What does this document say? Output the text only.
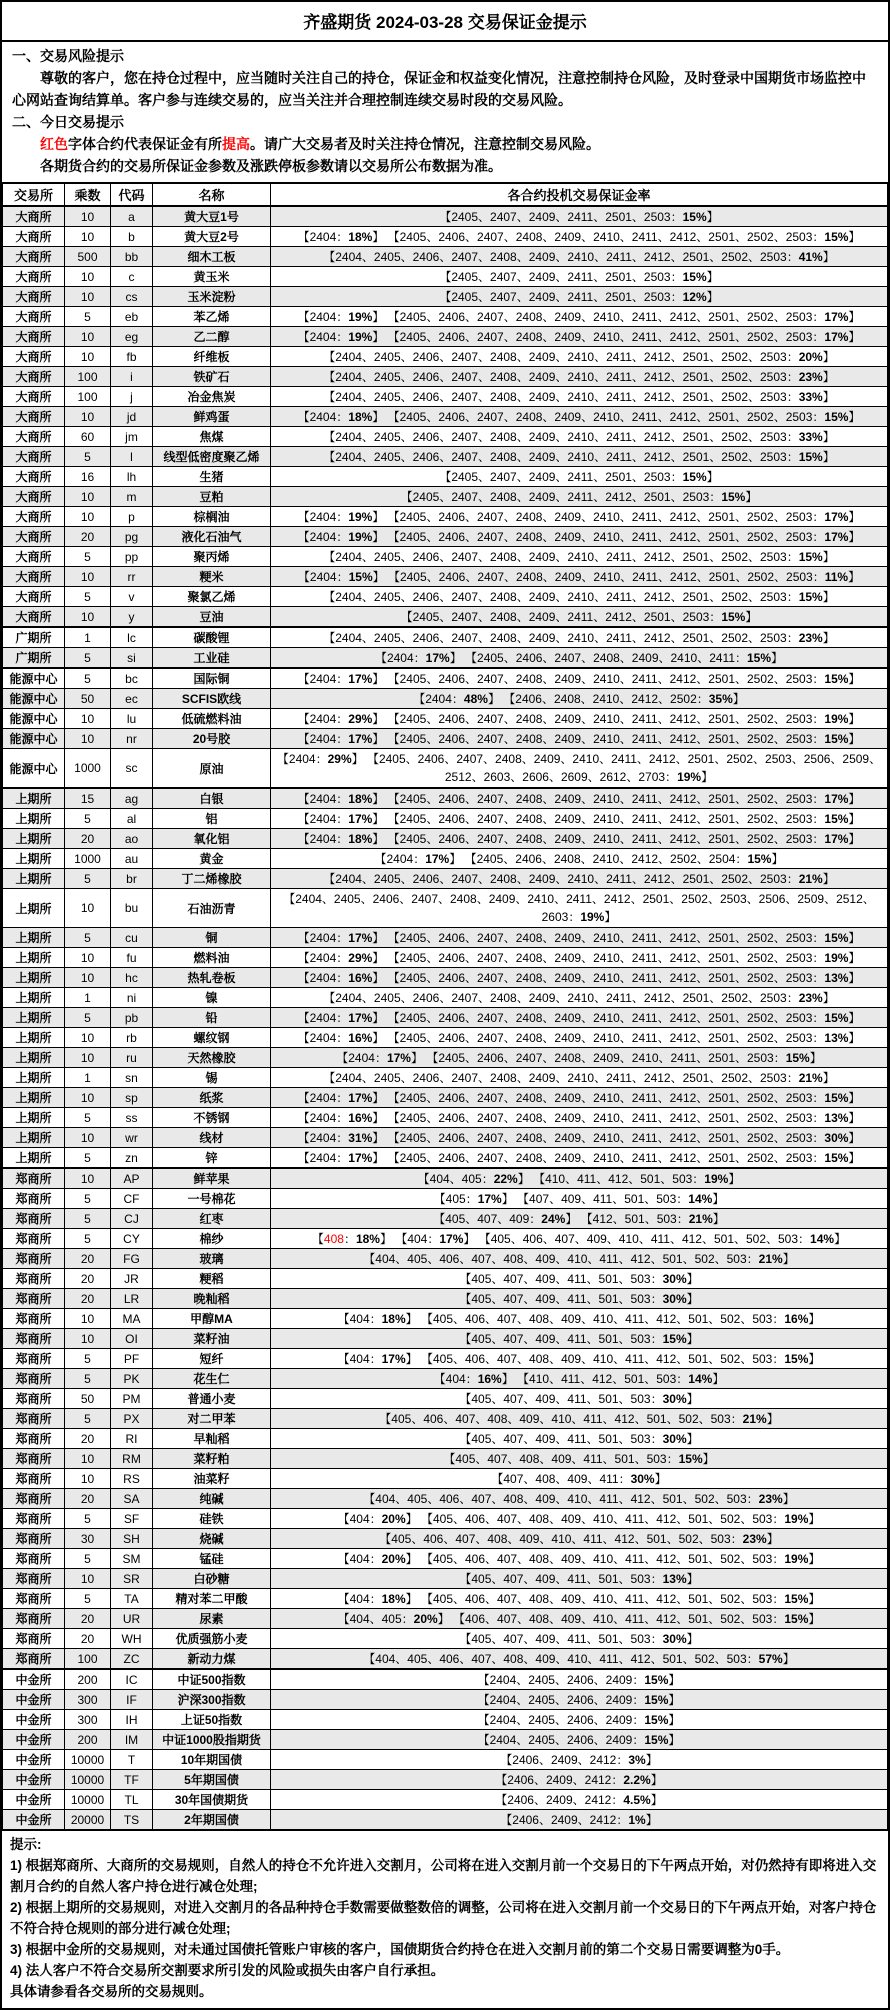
齐盛期货 2024-03-28 交易保证金提示

一、交易风险提示

尊敬的客户，您在持仓过程中，应当随时关注自己的持仓，保证金和权益变化情况，注意控制持仓风险，及时登录中国期货市场监控中心网站查询结算单。客户参与连续交易的，应当关注并合理控制连续交易时段的交易风险。

二、今日交易提示

红色字体合约代表保证金有所提高。请广大交易者及时关注持仓情况，注意控制交易风险。

各期货合约的交易所保证金参数及涨跌停板参数请以交易所公布数据为准。

交易所	乘数	代码	名称	各合约投机交易保证金率
大商所	10	a	黄大豆1号	【2405、2407、2409、2411、2501、2503：15%】
大商所	10	b	黄大豆2号	【2404：18%】 【2405、2406、2407、2408、2409、2410、2411、2412、2501、2502、2503：15%】
大商所	500	bb	细木工板	【2404、2405、2406、2407、2408、2409、2410、2411、2412、2501、2502、2503：41%】
大商所	10	c	黄玉米	【2405、2407、2409、2411、2501、2503：15%】
大商所	10	cs	玉米淀粉	【2405、2407、2409、2411、2501、2503：12%】
大商所	5	eb	苯乙烯	【2404：19%】 【2405、2406、2407、2408、2409、2410、2411、2412、2501、2502、2503：17%】
大商所	10	eg	乙二醇	【2404：19%】 【2405、2406、2407、2408、2409、2410、2411、2412、2501、2502、2503：17%】
大商所	10	fb	纤维板	【2404、2405、2406、2407、2408、2409、2410、2411、2412、2501、2502、2503：20%】
大商所	100	i	铁矿石	【2404、2405、2406、2407、2408、2409、2410、2411、2412、2501、2502、2503：23%】
大商所	100	j	冶金焦炭	【2404、2405、2406、2407、2408、2409、2410、2411、2412、2501、2502、2503：33%】
大商所	10	jd	鲜鸡蛋	【2404：18%】 【2405、2406、2407、2408、2409、2410、2411、2412、2501、2502、2503：15%】
大商所	60	jm	焦煤	【2404、2405、2406、2407、2408、2409、2410、2411、2412、2501、2502、2503：33%】
大商所	5	l	线型低密度聚乙烯	【2404、2405、2406、2407、2408、2409、2410、2411、2412、2501、2502、2503：15%】
大商所	16	lh	生猪	【2405、2407、2409、2411、2501、2503：15%】
大商所	10	m	豆粕	【2405、2407、2408、2409、2411、2412、2501、2503：15%】
大商所	10	p	棕榈油	【2404：19%】 【2405、2406、2407、2408、2409、2410、2411、2412、2501、2502、2503：17%】
大商所	20	pg	液化石油气	【2404：19%】 【2405、2406、2407、2408、2409、2410、2411、2412、2501、2502、2503：17%】
大商所	5	pp	聚丙烯	【2404、2405、2406、2407、2408、2409、2410、2411、2412、2501、2502、2503：15%】
大商所	10	rr	粳米	【2404：15%】 【2405、2406、2407、2408、2409、2410、2411、2412、2501、2502、2503：11%】
大商所	5	v	聚氯乙烯	【2404、2405、2406、2407、2408、2409、2410、2411、2412、2501、2502、2503：15%】
大商所	10	y	豆油	【2405、2407、2408、2409、2411、2412、2501、2503：15%】
广期所	1	lc	碳酸锂	【2404、2405、2406、2407、2408、2409、2410、2411、2412、2501、2502、2503：23%】
广期所	5	si	工业硅	【2404：17%】 【2405、2406、2407、2408、2409、2410、2411：15%】
能源中心	5	bc	国际铜	【2404：17%】 【2405、2406、2407、2408、2409、2410、2411、2412、2501、2502、2503：15%】
能源中心	50	ec	SCFIS欧线	【2404：48%】 【2406、2408、2410、2412、2502：35%】
能源中心	10	lu	低硫燃料油	【2404：29%】 【2405、2406、2407、2408、2409、2410、2411、2412、2501、2502、2503：19%】
能源中心	10	nr	20号胶	【2404：17%】 【2405、2406、2407、2408、2409、2410、2411、2412、2501、2502、2503：15%】
能源中心	1000	sc	原油	【2404：29%】 【2405、2406、2407、2408、2409、2410、2411、2412、2501、2502、2503、2506、2509、2512、2603、2606、2609、2612、2703：19%】
上期所	15	ag	白银	【2404：18%】 【2405、2406、2407、2408、2409、2410、2411、2412、2501、2502、2503：17%】
上期所	5	al	铝	【2404：17%】 【2405、2406、2407、2408、2409、2410、2411、2412、2501、2502、2503：15%】
上期所	20	ao	氧化铝	【2404：18%】 【2405、2406、2407、2408、2409、2410、2411、2412、2501、2502、2503：17%】
上期所	1000	au	黄金	【2404：17%】 【2405、2406、2408、2410、2412、2502、2504：15%】
上期所	5	br	丁二烯橡胶	【2404、2405、2406、2407、2408、2409、2410、2411、2412、2501、2502、2503：21%】
上期所	10	bu	石油沥青	【2404、2405、2406、2407、2408、2409、2410、2411、2412、2501、2502、2503、2506、2509、2512、2603：19%】
上期所	5	cu	铜	【2404：17%】 【2405、2406、2407、2408、2409、2410、2411、2412、2501、2502、2503：15%】
上期所	10	fu	燃料油	【2404：29%】 【2405、2406、2407、2408、2409、2410、2411、2412、2501、2502、2503：19%】
上期所	10	hc	热轧卷板	【2404：16%】 【2405、2406、2407、2408、2409、2410、2411、2412、2501、2502、2503：13%】
上期所	1	ni	镍	【2404、2405、2406、2407、2408、2409、2410、2411、2412、2501、2502、2503：23%】
上期所	5	pb	铅	【2404：17%】 【2405、2406、2407、2408、2409、2410、2411、2412、2501、2502、2503：15%】
上期所	10	rb	螺纹钢	【2404：16%】 【2405、2406、2407、2408、2409、2410、2411、2412、2501、2502、2503：13%】
上期所	10	ru	天然橡胶	【2404：17%】 【2405、2406、2407、2408、2409、2410、2411、2501、2503：15%】
上期所	1	sn	锡	【2404、2405、2406、2407、2408、2409、2410、2411、2412、2501、2502、2503：21%】
上期所	10	sp	纸浆	【2404：17%】 【2405、2406、2407、2408、2409、2410、2411、2412、2501、2502、2503：15%】
上期所	5	ss	不锈钢	【2404：16%】 【2405、2406、2407、2408、2409、2410、2411、2412、2501、2502、2503：13%】
上期所	10	wr	线材	【2404：31%】 【2405、2406、2407、2408、2409、2410、2411、2412、2501、2502、2503：30%】
上期所	5	zn	锌	【2404：17%】 【2405、2406、2407、2408、2409、2410、2411、2412、2501、2502、2503：15%】
郑商所	10	AP	鲜苹果	【404、405：22%】 【410、411、412、501、503：19%】
郑商所	5	CF	一号棉花	【405：17%】 【407、409、411、501、503：14%】
郑商所	5	CJ	红枣	【405、407、409：24%】 【412、501、503：21%】
郑商所	5	CY	棉纱	【408：18%】 【404：17%】 【405、406、407、409、410、411、412、501、502、503：14%】
郑商所	20	FG	玻璃	【404、405、406、407、408、409、410、411、412、501、502、503：21%】
郑商所	20	JR	粳稻	【405、407、409、411、501、503：30%】
郑商所	20	LR	晚籼稻	【405、407、409、411、501、503：30%】
郑商所	10	MA	甲醇MA	【404：18%】 【405、406、407、408、409、410、411、412、501、502、503：16%】
郑商所	10	OI	菜籽油	【405、407、409、411、501、503：15%】
郑商所	5	PF	短纤	【404：17%】 【405、406、407、408、409、410、411、412、501、502、503：15%】
郑商所	5	PK	花生仁	【404：16%】 【410、411、412、501、503：14%】
郑商所	50	PM	普通小麦	【405、407、409、411、501、503：30%】
郑商所	5	PX	对二甲苯	【405、406、407、408、409、410、411、412、501、502、503：21%】
郑商所	20	RI	早籼稻	【405、407、409、411、501、503：30%】
郑商所	10	RM	菜籽粕	【405、407、408、409、411、501、503：15%】
郑商所	10	RS	油菜籽	【407、408、409、411：30%】
郑商所	20	SA	纯碱	【404、405、406、407、408、409、410、411、412、501、502、503：23%】
郑商所	5	SF	硅铁	【404：20%】 【405、406、407、408、409、410、411、412、501、502、503：19%】
郑商所	30	SH	烧碱	【405、406、407、408、409、410、411、412、501、502、503：23%】
郑商所	5	SM	锰硅	【404：20%】 【405、406、407、408、409、410、411、412、501、502、503：19%】
郑商所	10	SR	白砂糖	【405、407、409、411、501、503：13%】
郑商所	5	TA	精对苯二甲酸	【404：18%】 【405、406、407、408、409、410、411、412、501、502、503：15%】
郑商所	20	UR	尿素	【404、405：20%】 【406、407、408、409、410、411、412、501、502、503：15%】
郑商所	20	WH	优质强筋小麦	【405、407、409、411、501、503：30%】
郑商所	100	ZC	新动力煤	【404、405、406、407、408、409、410、411、412、501、502、503：57%】
中金所	200	IC	中证500指数	【2404、2405、2406、2409：15%】
中金所	300	IF	沪深300指数	【2404、2405、2406、2409：15%】
中金所	300	IH	上证50指数	【2404、2405、2406、2409：15%】
中金所	200	IM	中证1000股指期货	【2404、2405、2406、2409：15%】
中金所	10000	T	10年期国债	【2406、2409、2412：3%】
中金所	10000	TF	5年期国债	【2406、2409、2412：2.2%】
中金所	10000	TL	30年国债期货	【2406、2409、2412：4.5%】
中金所	20000	TS	2年期国债	【2406、2409、2412：1%】

提示:

1) 根据郑商所、大商所的交易规则，自然人的持仓不允许进入交割月，公司将在进入交割月前一个交易日的下午两点开始，对仍然持有即将进入交割月合约的自然人客户持仓进行减仓处理;

2) 根据上期所的交易规则，对进入交割月的各品种持仓手数需要做整数倍的调整，公司将在进入交割月前一个交易日的下午两点开始，对客户持仓不符合持仓规则的部分进行减仓处理;

3) 根据中金所的交易规则，对未通过国债托管账户审核的客户，国债期货合约持仓在进入交割月前的第二个交易日需要调整为0手。

4) 法人客户不符合交易所交割要求所引发的风险或损失由客户自行承担。

具体请参看各交易所的交易规则。
